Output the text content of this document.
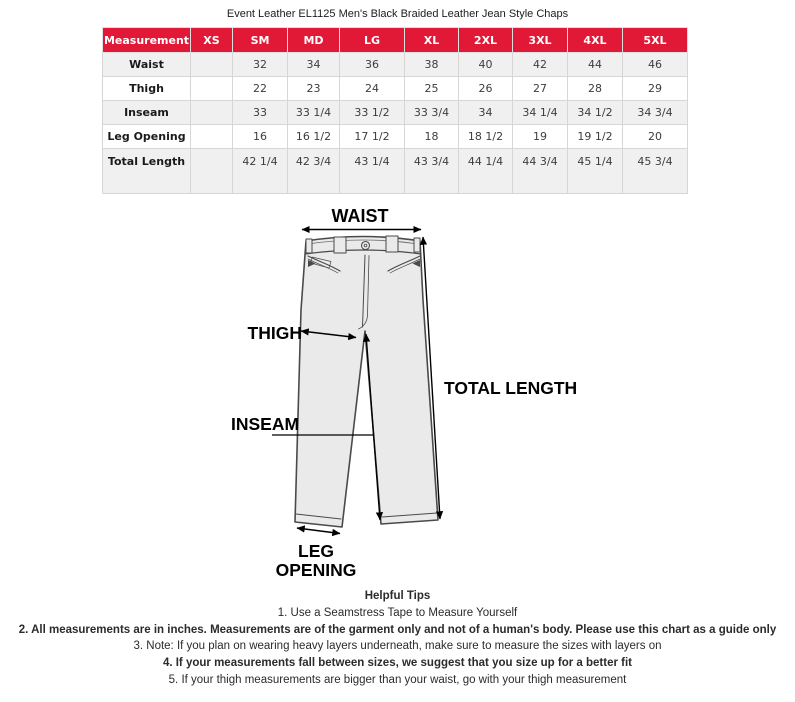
Event Leather EL1125 Men's Black Braided Leather Jean Style Chaps
Measurement	XS	SM	MD	LG	XL	2XL	3XL	4XL	5XL
Waist		32	34	36	38	40	42	44	46
Thigh		22	23	24	25	26	27	28	29
Inseam		33	33 1/4	33 1/2	33 3/4	34	34 1/4	34 1/2	34 3/4
Leg Opening		16	16 1/2	17 1/2	18	18 1/2	19	19 1/2	20
Total Length		42 1/4	42 3/4	43 1/4	43 3/4	44 1/4	44 3/4	45 1/4	45 3/4
WAIST
THIGH
INSEAM
TOTAL LENGTH
LEG
OPENING
Helpful Tips
1. Use a Seamstress Tape to Measure Yourself
2. All measurements are in inches. Measurements are of the garment only and not of a human's body. Please use this chart as a guide only
3. Note: If you plan on wearing heavy layers underneath, make sure to measure the sizes with layers on
4. If your measurements fall between sizes, we suggest that you size up for a better fit
5. If your thigh measurements are bigger than your waist, go with your thigh measurement
